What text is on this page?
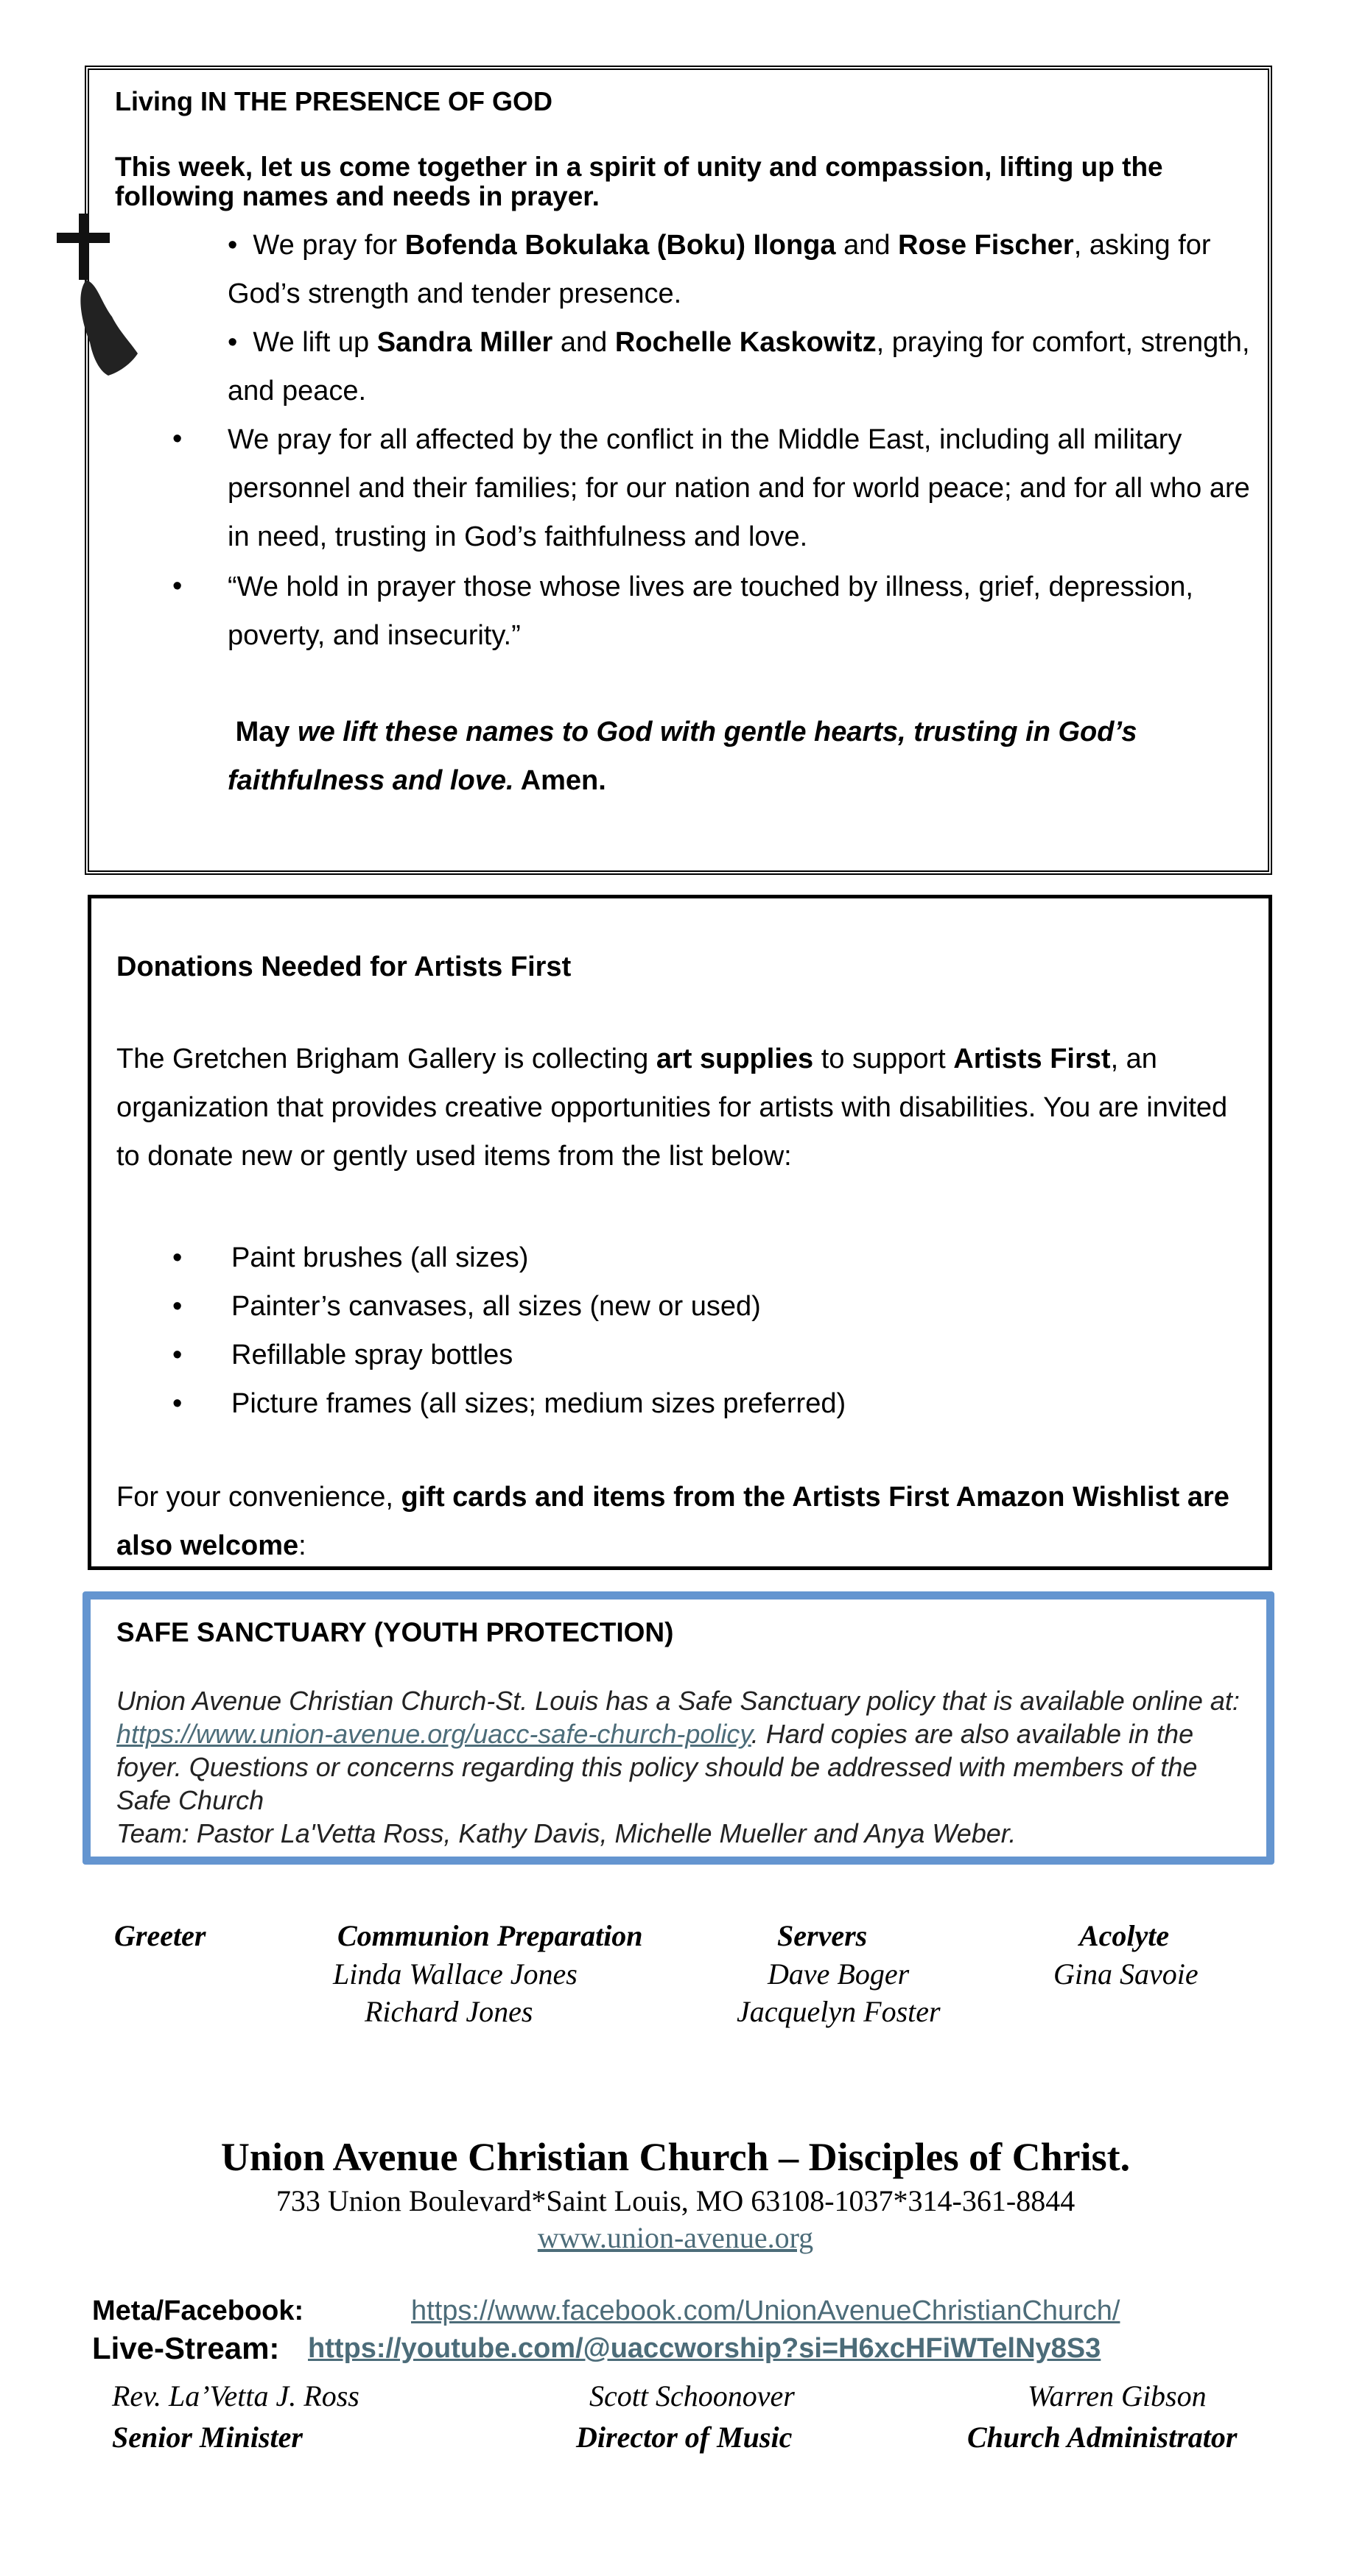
Living IN THE PRESENCE OF GOD
This week, let us come together in a spirit of unity and compassion, lifting up the following names and needs in prayer.
•  We pray for Bofenda Bokulaka (Boku) Ilonga and Rose Fischer, asking for God’s strength and tender presence.
•  We lift up Sandra Miller and Rochelle Kaskowitz, praying for comfort, strength, and peace.
• We pray for all affected by the conflict in the Middle East, including all military personnel and their families; for our nation and for world peace; and for all who are in need, trusting in God’s faithfulness and love.
• “We hold in prayer those whose lives are touched by illness, grief, depression, poverty, and insecurity.”
May we lift these names to God with gentle hearts, trusting in God’s faithfulness and love. Amen.
Donations Needed for Artists First
The Gretchen Brigham Gallery is collecting art supplies to support Artists First, an organization that provides creative opportunities for artists with disabilities. You are invited to donate new or gently used items from the list below:
• Paint brushes (all sizes)
• Painter’s canvases, all sizes (new or used)
• Refillable spray bottles
• Picture frames (all sizes; medium sizes preferred)
For your convenience, gift cards and items from the Artists First Amazon Wishlist are also welcome:
SAFE SANCTUARY (YOUTH PROTECTION)
Union Avenue Christian Church-St. Louis has a Safe Sanctuary policy that is available online at: https://www.union-avenue.org/uacc-safe-church-policy. Hard copies are also available in the foyer. Questions or concerns regarding this policy should be addressed with members of the Safe Church
Team: Pastor La'Vetta Ross, Kathy Davis, Michelle Mueller and Anya Weber.
Greeter	Communion Preparation
Linda Wallace Jones
Richard Jones
Servers
Dave Boger
Jacquelyn Foster
Acolyte
Gina Savoie
Union Avenue Christian Church – Disciples of Christ.
733 Union Boulevard*Saint Louis, MO 63108-1037*314-361-8844
www.union-avenue.org
Meta/Facebook:	https://www.facebook.com/UnionAvenueChristianChurch/
Live-Stream: https://youtube.com/@uaccworship?si=H6xcHFiWTelNy8S3
Rev. La’Vetta J. Ross
Senior Minister
Scott Schoonover
Director of Music
Warren Gibson
Church Administrator
